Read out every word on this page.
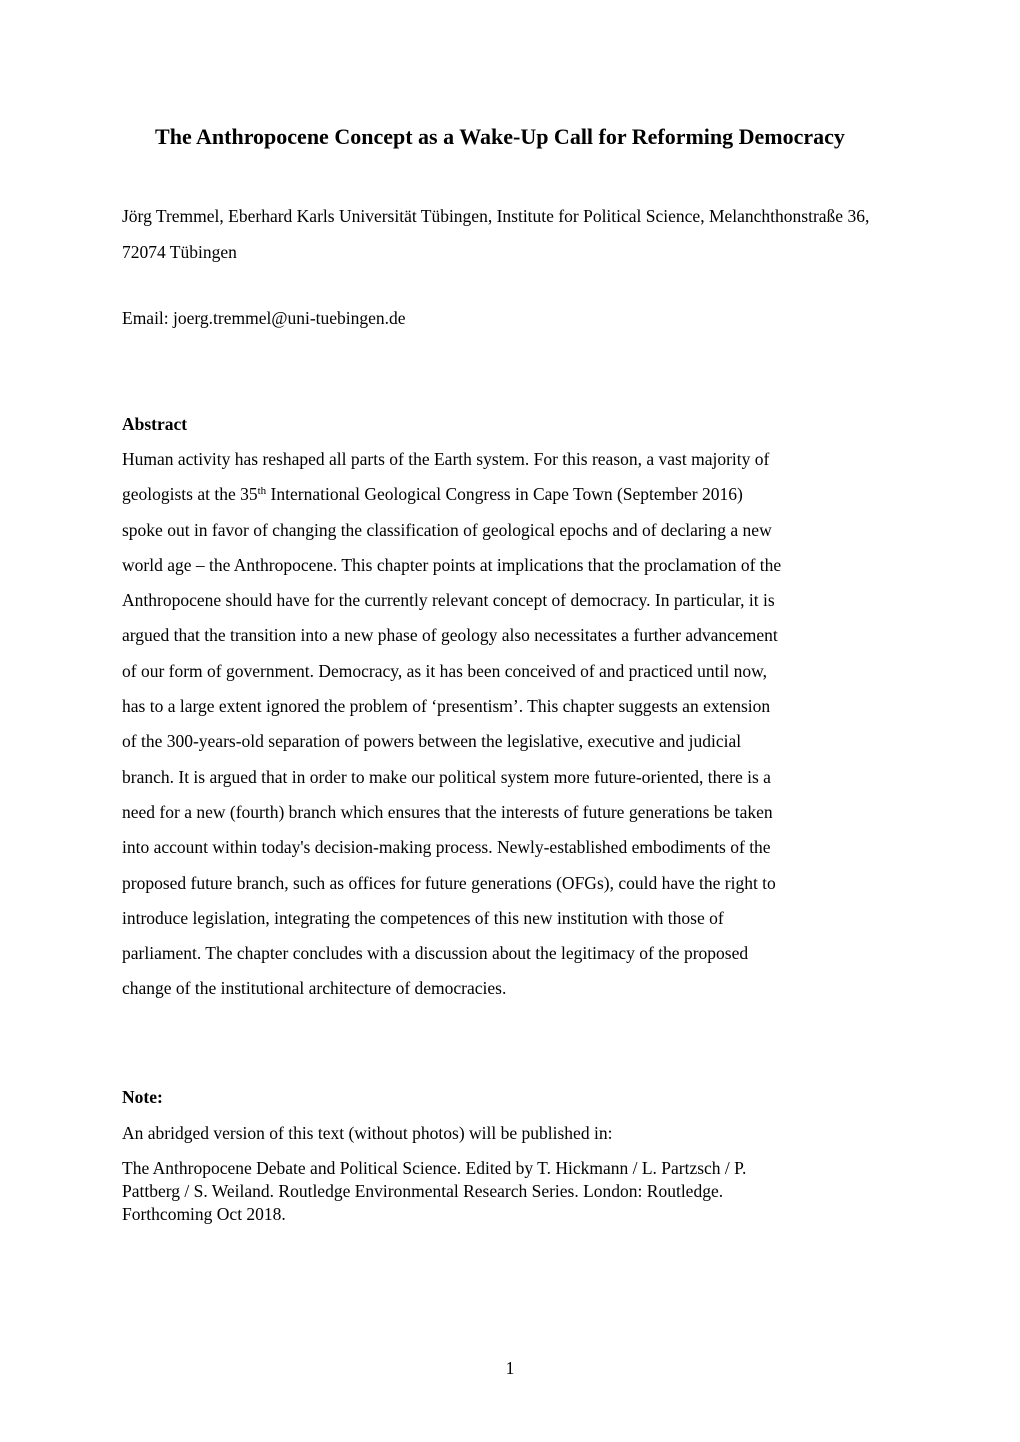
The Anthropocene Concept as a Wake-Up Call for Reforming Democracy

Jörg Tremmel, Eberhard Karls Universität Tübingen, Institute for Political Science, Melanchthonstraße 36, 72074 Tübingen

Email: joerg.tremmel@uni-tuebingen.de

Abstract

Human activity has reshaped all parts of the Earth system. For this reason, a vast majority of
geologists at the 35th International Geological Congress in Cape Town (September 2016)
spoke out in favor of changing the classification of geological epochs and of declaring a new
world age – the Anthropocene. This chapter points at implications that the proclamation of the
Anthropocene should have for the currently relevant concept of democracy. In particular, it is
argued that the transition into a new phase of geology also necessitates a further advancement
of our form of government. Democracy, as it has been conceived of and practiced until now,
has to a large extent ignored the problem of ‘presentism’. This chapter suggests an extension
of the 300-years-old separation of powers between the legislative, executive and judicial
branch. It is argued that in order to make our political system more future-oriented, there is a
need for a new (fourth) branch which ensures that the interests of future generations be taken
into account within today's decision-making process. Newly-established embodiments of the
proposed future branch, such as offices for future generations (OFGs), could have the right to
introduce legislation, integrating the competences of this new institution with those of
parliament. The chapter concludes with a discussion about the legitimacy of the proposed
change of the institutional architecture of democracies.

Note:

An abridged version of this text (without photos) will be published in:

The Anthropocene Debate and Political Science. Edited by T. Hickmann / L. Partzsch / P.
Pattberg / S. Weiland. Routledge Environmental Research Series. London: Routledge.
Forthcoming Oct 2018.

1
